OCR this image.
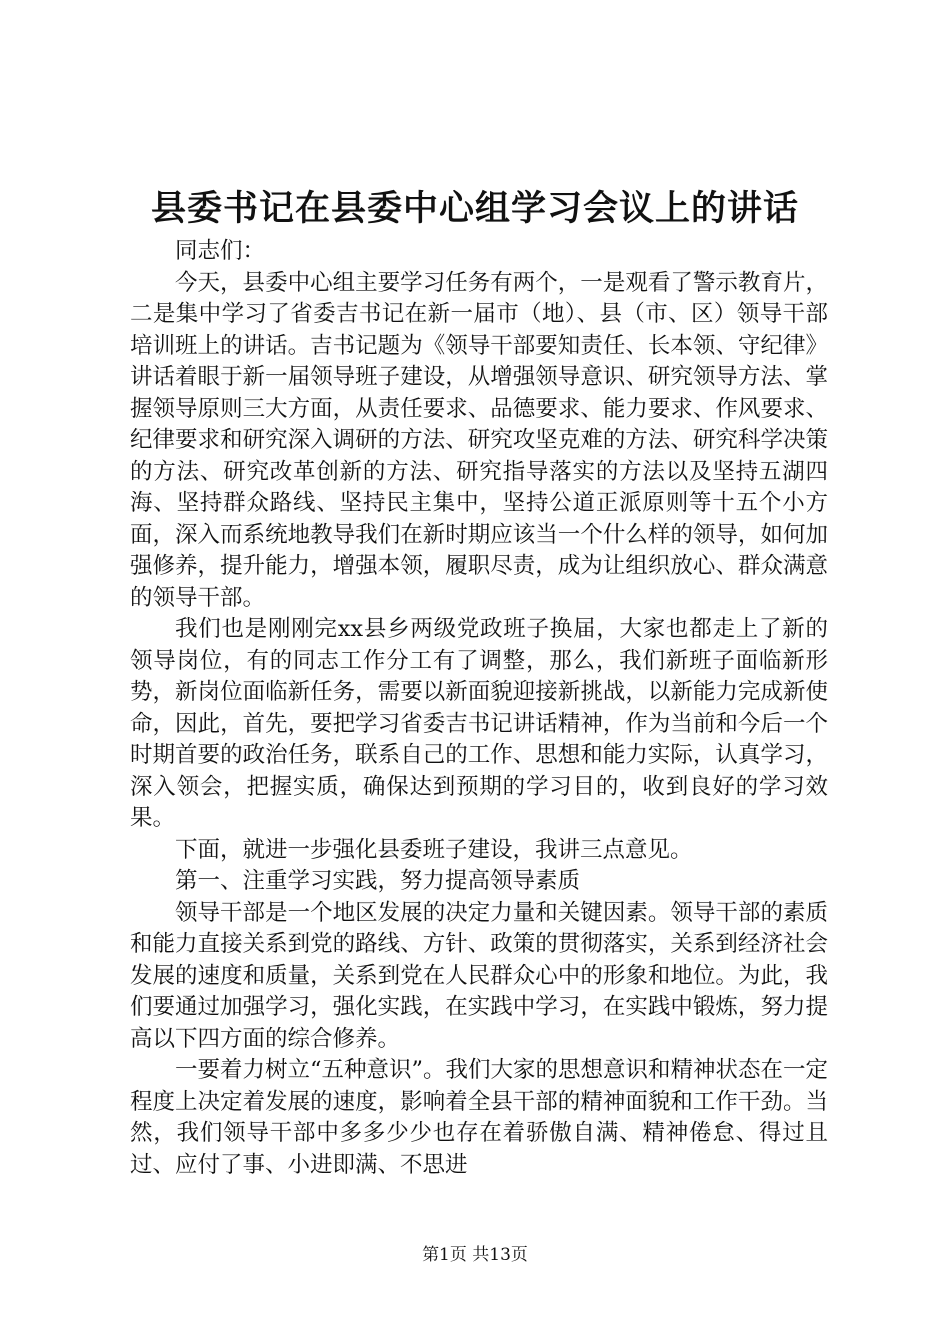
县委书记在县委中心组学习会议上的讲话

同志们：

今天，县委中心组主要学习任务有两个，一是观看了警示教育片，二是集中学习了省委吉书记在新一届市（地）、县（市、区）领导干部培训班上的讲话。吉书记题为《领导干部要知责任、长本领、守纪律》讲话着眼于新一届领导班子建设，从增强领导意识、研究领导方法、掌握领导原则三大方面，从责任要求、品德要求、能力要求、作风要求、纪律要求和研究深入调研的方法、研究攻坚克难的方法、研究科学决策的方法、研究改革创新的方法、研究指导落实的方法以及坚持五湖四海、坚持群众路线、坚持民主集中，坚持公道正派原则等十五个小方面，深入而系统地教导我们在新时期应该当一个什么样的领导，如何加强修养，提升能力，增强本领，履职尽责，成为让组织放心、群众满意的领导干部。

我们也是刚刚完xx县乡两级党政班子换届，大家也都走上了新的领导岗位，有的同志工作分工有了调整，那么，我们新班子面临新形势，新岗位面临新任务，需要以新面貌迎接新挑战，以新能力完成新使命，因此，首先，要把学习省委吉书记讲话精神，作为当前和今后一个时期首要的政治任务，联系自己的工作、思想和能力实际，认真学习，深入领会，把握实质，确保达到预期的学习目的，收到良好的学习效果。

下面，就进一步强化县委班子建设，我讲三点意见。

第一、注重学习实践，努力提高领导素质

领导干部是一个地区发展的决定力量和关键因素。领导干部的素质和能力直接关系到党的路线、方针、政策的贯彻落实，关系到经济社会发展的速度和质量，关系到党在人民群众心中的形象和地位。为此，我们要通过加强学习，强化实践，在实践中学习，在实践中锻炼，努力提高以下四方面的综合修养。

一要着力树立“五种意识”。我们大家的思想意识和精神状态在一定程度上决定着发展的速度，影响着全县干部的精神面貌和工作干劲。当然，我们领导干部中多多少少也存在着骄傲自满、精神倦怠、得过且过、应付了事、小进即满、不思进

第1页 共13页
